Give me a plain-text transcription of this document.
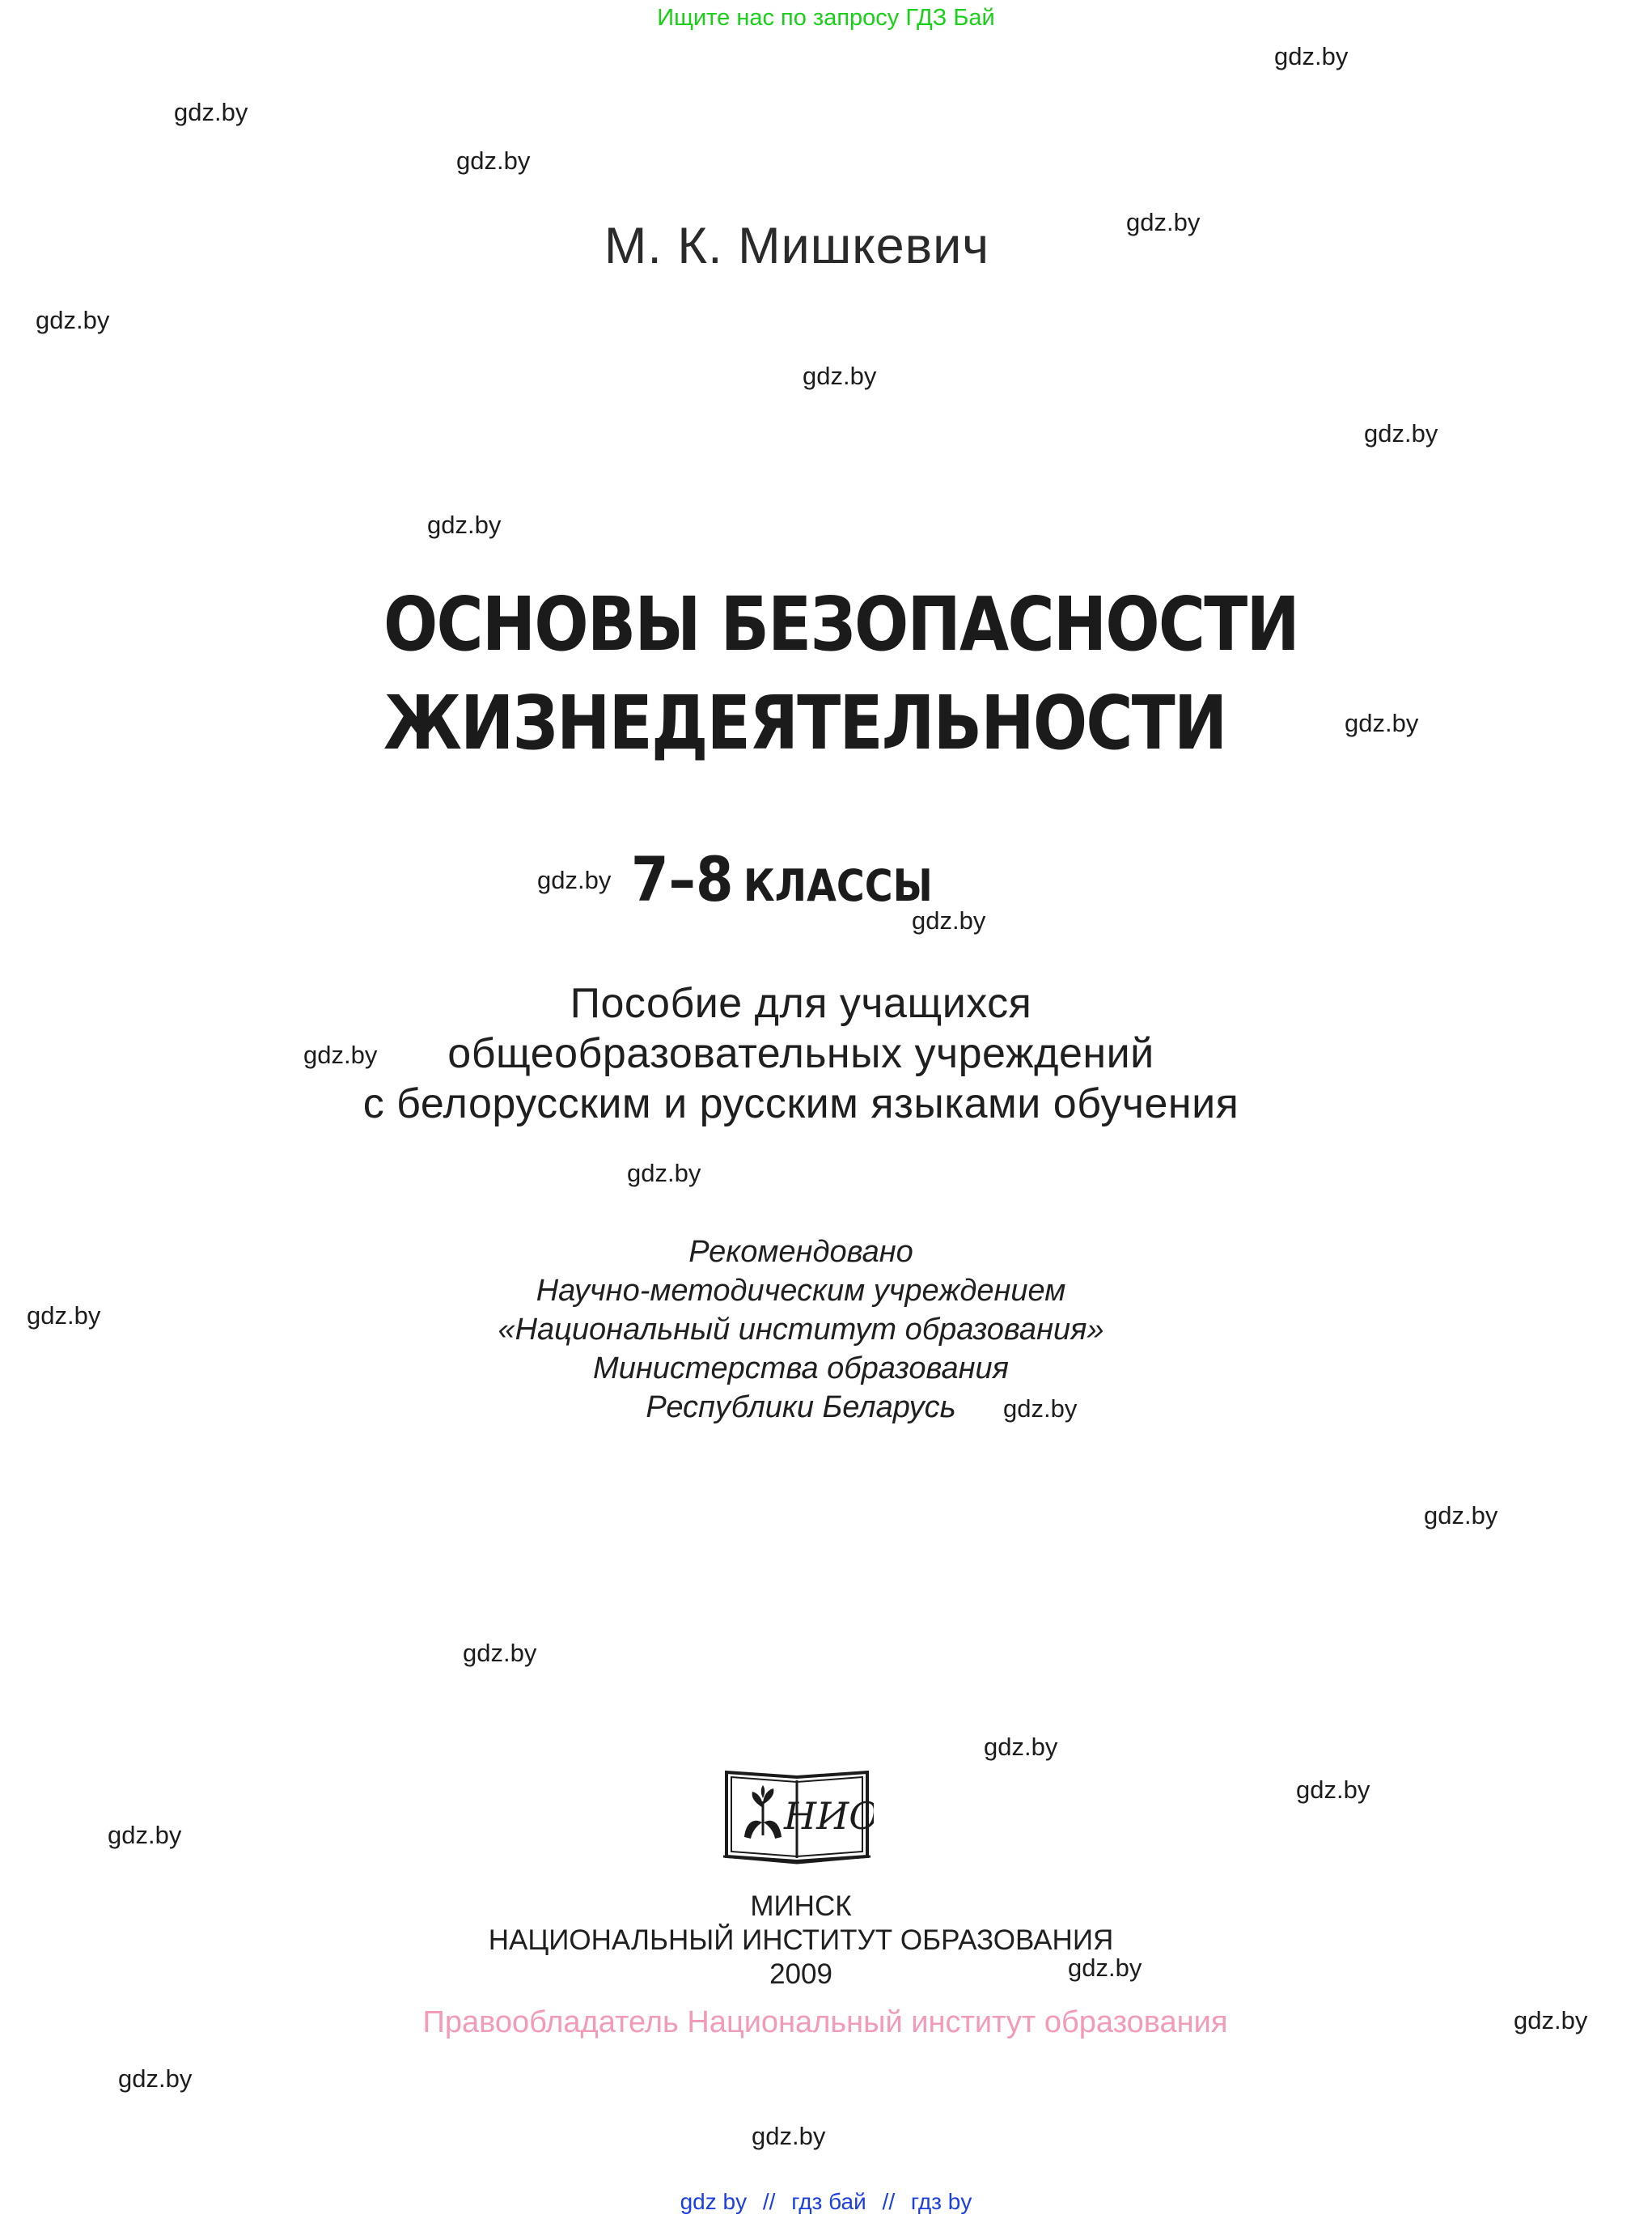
Ищите нас по запросу ГДЗ Бай
gdz.by
gdz.by
gdz.by
gdz.by
gdz.by
gdz.by
gdz.by
gdz.by
gdz.by
gdz.by
gdz.by
gdz.by
gdz.by
gdz.by
gdz.by
gdz.by
gdz.by
gdz.by
gdz.by
gdz.by
gdz.by
gdz.by
gdz.by
gdz.by
М. К. Мишкевич
ОСНОВЫ БЕЗОПАСНОСТИ
ЖИЗНЕДЕЯТЕЛЬНОСТИ
7–8 КЛАССЫ
Пособие для учащихся
общеобразовательных учреждений
с белорусским и русским языками обучения
Рекомендовано
Научно-методическим учреждением
«Национальный институт образования»
Министерства образования
Республики Беларусь
НИО
МИНСК
НАЦИОНАЛЬНЫЙ ИНСТИТУТ ОБРАЗОВАНИЯ
2009
Правообладатель Национальный институт образования
gdz by // гдз бай // гдз by
